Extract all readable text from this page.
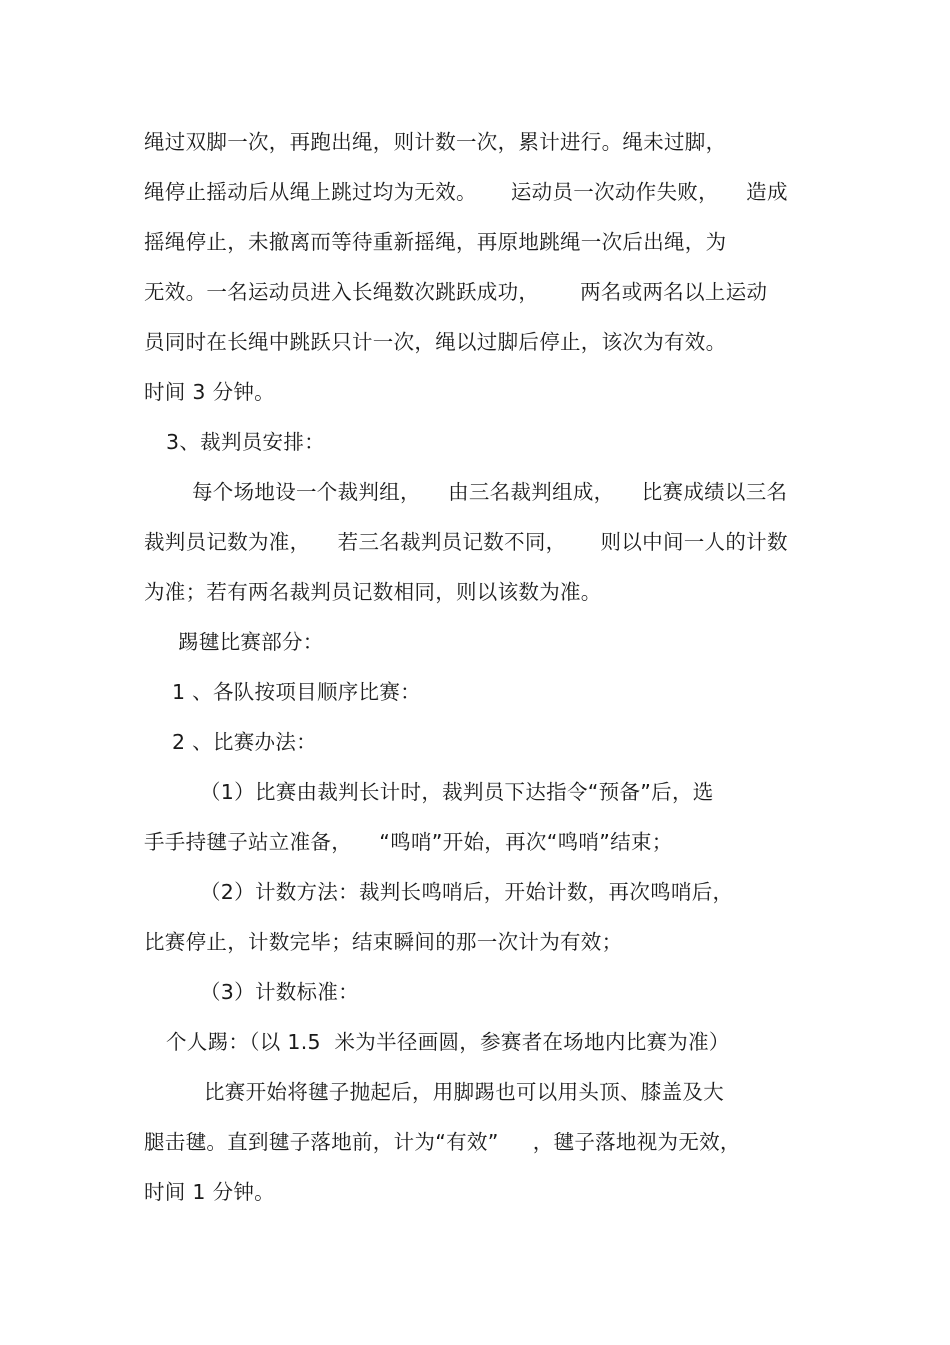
绳过双脚一次，再跑出绳，则计数一次，累计进行。绳未过脚，
绳停止摇动后从绳上跳过均为无效。     运动员一次动作失败，    造成
摇绳停止，未撤离而等待重新摇绳，再原地跳绳一次后出绳，为
无效。一名运动员进入长绳数次跳跃成功，      两名或两名以上运动
员同时在长绳中跳跃只计一次，绳以过脚后停止，该次为有效。
时间 3 分钟。
3、裁判员安排：
每个场地设一个裁判组，    由三名裁判组成，    比赛成绩以三名
裁判员记数为准，    若三名裁判员记数不同，     则以中间一人的计数
为准；若有两名裁判员记数相同，则以该数为准。
踢毽比赛部分：
1 、各队按项目顺序比赛：
2 、比赛办法：
（1）比赛由裁判长计时，裁判员下达指令“预备”后，选
手手持毽子站立准备，    “鸣哨”开始，再次“鸣哨”结束；
（2）计数方法：裁判长鸣哨后，开始计数，再次鸣哨后，
比赛停止，计数完毕；结束瞬间的那一次计为有效；
（3）计数标准：
个人踢：（以 1.5  米为半径画圆，参赛者在场地内比赛为准）
比赛开始将毽子抛起后，用脚踢也可以用头顶、膝盖及大
腿击毽。直到毽子落地前，计为“有效”     ，毽子落地视为无效，
时间 1 分钟。
